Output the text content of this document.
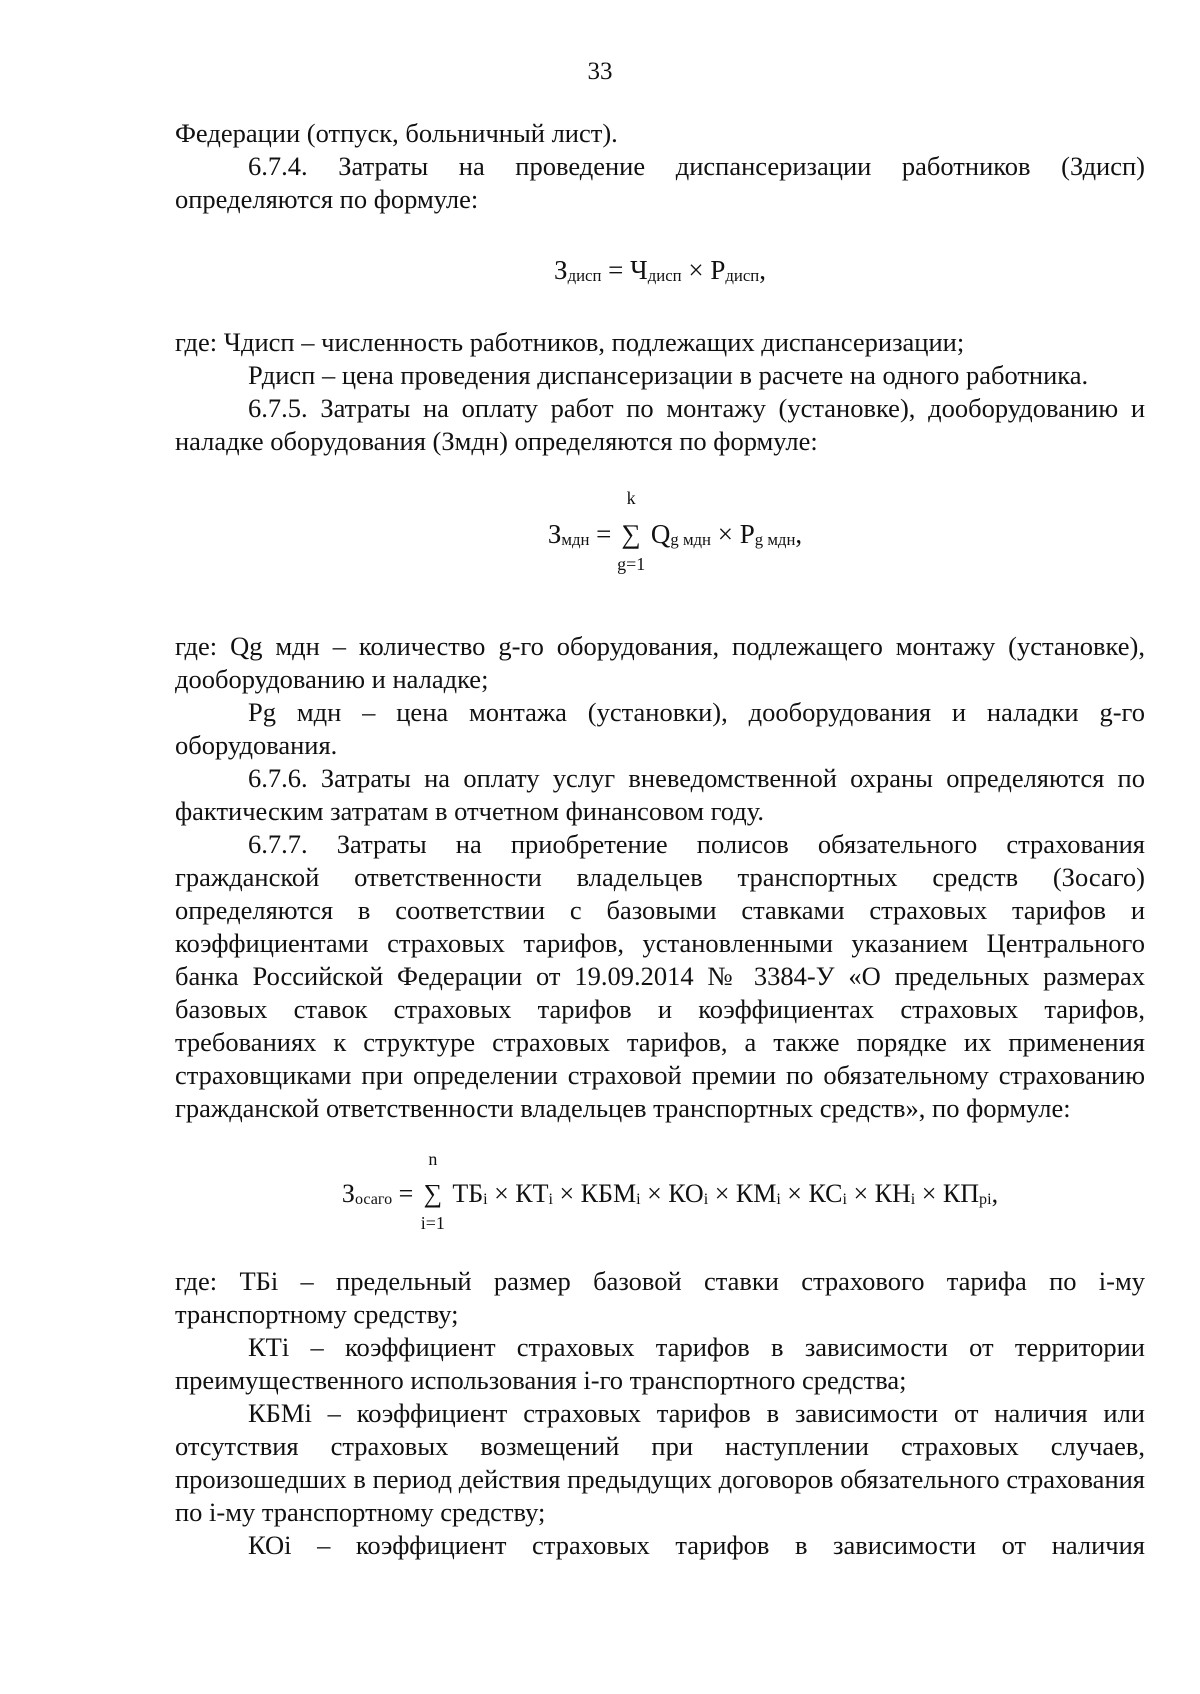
33

Федерации (отпуск, больничный лист).

6.7.4. Затраты на проведение диспансеризации работников (Здисп)

определяются по формуле:

Здисп = Чдисп × Рдисп,

где: Чдисп – численность работников, подлежащих диспансеризации;

Рдисп – цена проведения диспансеризации в расчете на одного работника.

6.7.5. Затраты на оплату работ по монтажу (установке), дооборудованию и наладке оборудования (Змдн) определяются по формуле:

Змдн = ∑
k
g=1
Qg мдн × Pg мдн,

где: Qg мдн – количество g-го оборудования, подлежащего монтажу (установке), дооборудованию и наладке;

Pg мдн – цена монтажа (установки), дооборудования и наладки g-го оборудования.

6.7.6. Затраты на оплату услуг вневедомственной охраны определяются по фактическим затратам в отчетном финансовом году.

6.7.7. Затраты на приобретение полисов обязательного страхования гражданской ответственности владельцев транспортных средств (Зосаго) определяются в соответствии с базовыми ставками страховых тарифов и коэффициентами страховых тарифов, установленными указанием Центрального банка Российской Федерации от 19.09.2014 № 3384-У «О предельных размерах базовых ставок страховых тарифов и коэффициентах страховых тарифов, требованиях к структуре страховых тарифов, а также порядке их применения страховщиками при определении страховой премии по обязательному страхованию гражданской ответственности владельцев транспортных средств», по формуле:

Зосаго = ∑
n
i=1
ТБi × КТi × КБМi × КОi × КМi × КСi × КНi × КПpi,

где: ТБi – предельный размер базовой ставки страхового тарифа по i-му транспортному средству;

КТi – коэффициент страховых тарифов в зависимости от территории преимущественного использования i-го транспортного средства;

КБМi – коэффициент страховых тарифов в зависимости от наличия или отсутствия страховых возмещений при наступлении страховых случаев, произошедших в период действия предыдущих договоров обязательного страхования по i-му транспортному средству;

КОi – коэффициент страховых тарифов в зависимости от наличия
